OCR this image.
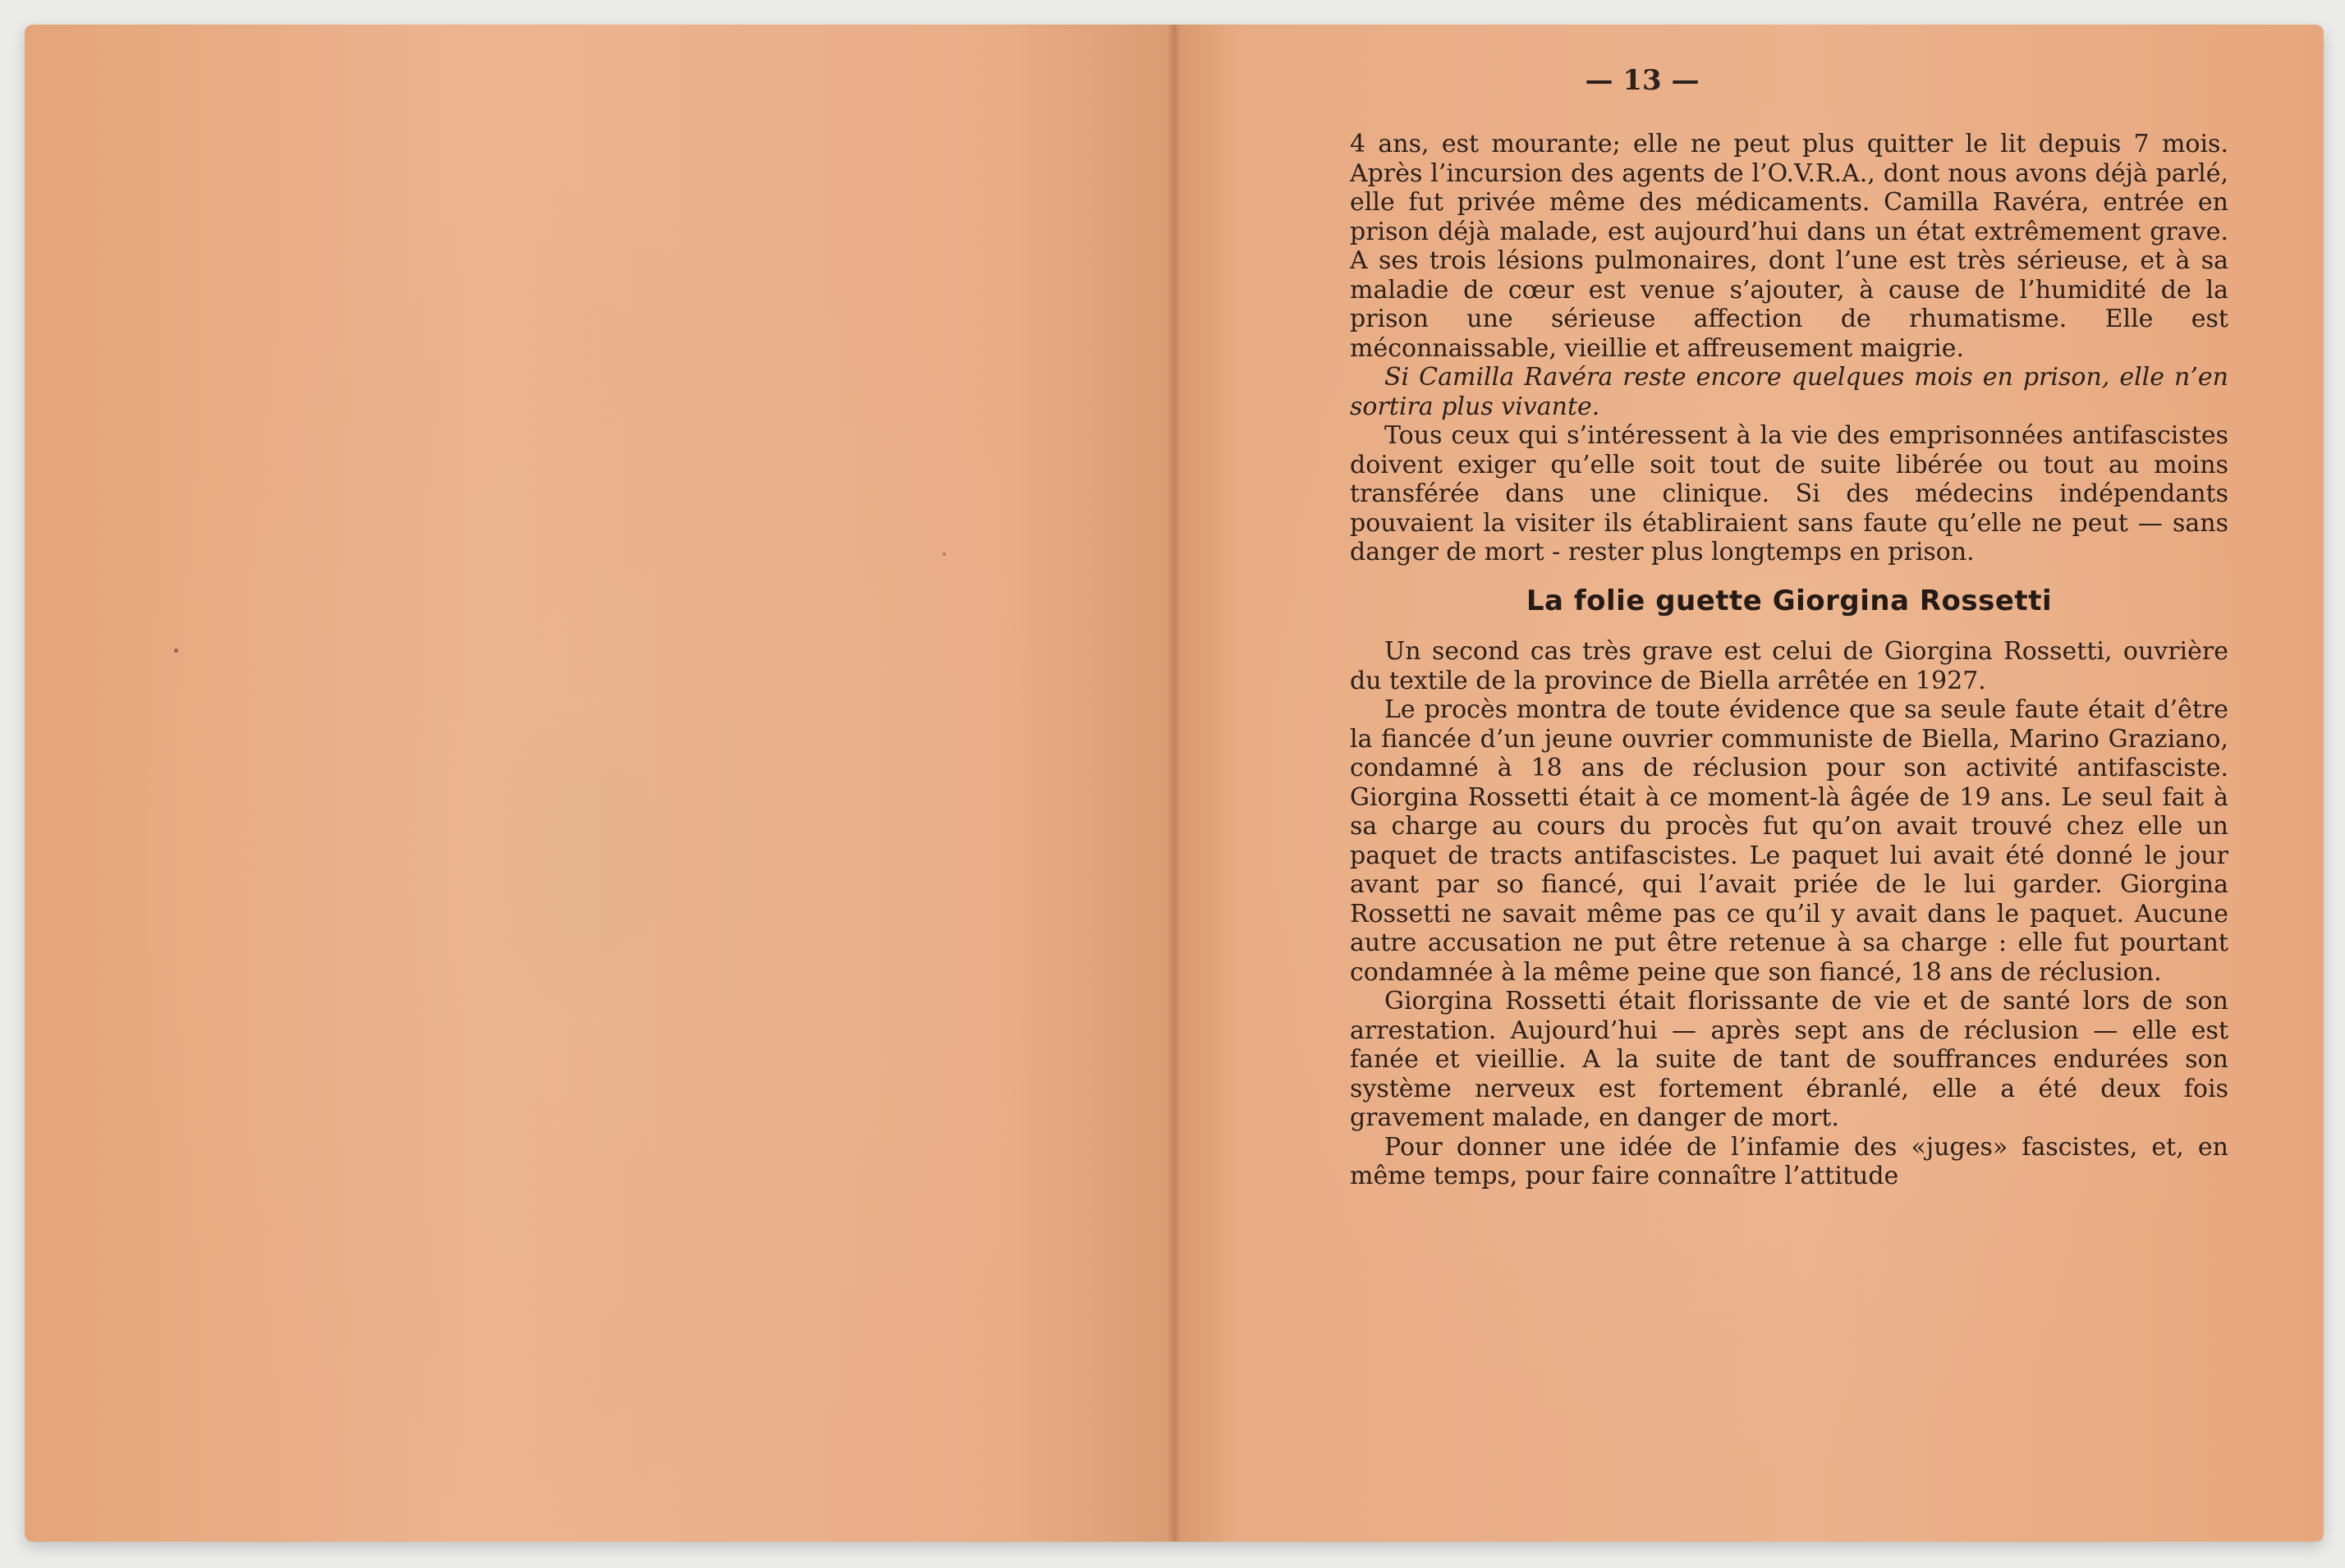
— 13 —

4 ans, est mourante; elle ne peut plus quitter le lit depuis 7 mois. Après l’incursion des agents de l’O.V.R.A., dont nous avons déjà parlé, elle fut privée même des médicaments. Camilla Ravéra, entrée en prison déjà malade, est aujourd’hui dans un état extrêmement grave. A ses trois lésions pulmonaires, dont l’une est très sérieuse, et à sa maladie de cœur est venue s’ajouter, à cause de l’humidité de la prison une sérieuse affection de rhumatisme. Elle est méconnaissable, vieillie et affreusement maigrie.

Si Camilla Ravéra reste encore quelques mois en prison, elle n’en sortira plus vivante.

Tous ceux qui s’intéressent à la vie des emprisonnées antifascistes doivent exiger qu’elle soit tout de suite libérée ou tout au moins transférée dans une clinique. Si des médecins indépendants pouvaient la visiter ils établiraient sans faute qu’elle ne peut — sans danger de mort - rester plus longtemps en prison.

La folie guette Giorgina Rossetti

Un second cas très grave est celui de Giorgina Rossetti, ouvrière du textile de la province de Biella arrêtée en 1927.

Le procès montra de toute évidence que sa seule faute était d’être la fiancée d’un jeune ouvrier communiste de Biella, Marino Graziano, condamné à 18 ans de réclusion pour son activité antifasciste. Giorgina Rossetti était à ce moment-là âgée de 19 ans. Le seul fait à sa charge au cours du procès fut qu’on avait trouvé chez elle un paquet de tracts antifascistes. Le paquet lui avait été donné le jour avant par so fiancé, qui l’avait priée de le lui garder. Giorgina Rossetti ne savait même pas ce qu’il y avait dans le paquet. Aucune autre accusation ne put être retenue à sa charge : elle fut pourtant condamnée à la même peine que son fiancé, 18 ans de réclusion.

Giorgina Rossetti était florissante de vie et de santé lors de son arrestation. Aujourd’hui — après sept ans de réclusion — elle est fanée et vieillie. A la suite de tant de souffrances endurées son système nerveux est fortement ébranlé, elle a été deux fois gravement malade, en danger de mort.

Pour donner une idée de l’infamie des «juges» fascistes, et, en même temps, pour faire connaître l’attitude
